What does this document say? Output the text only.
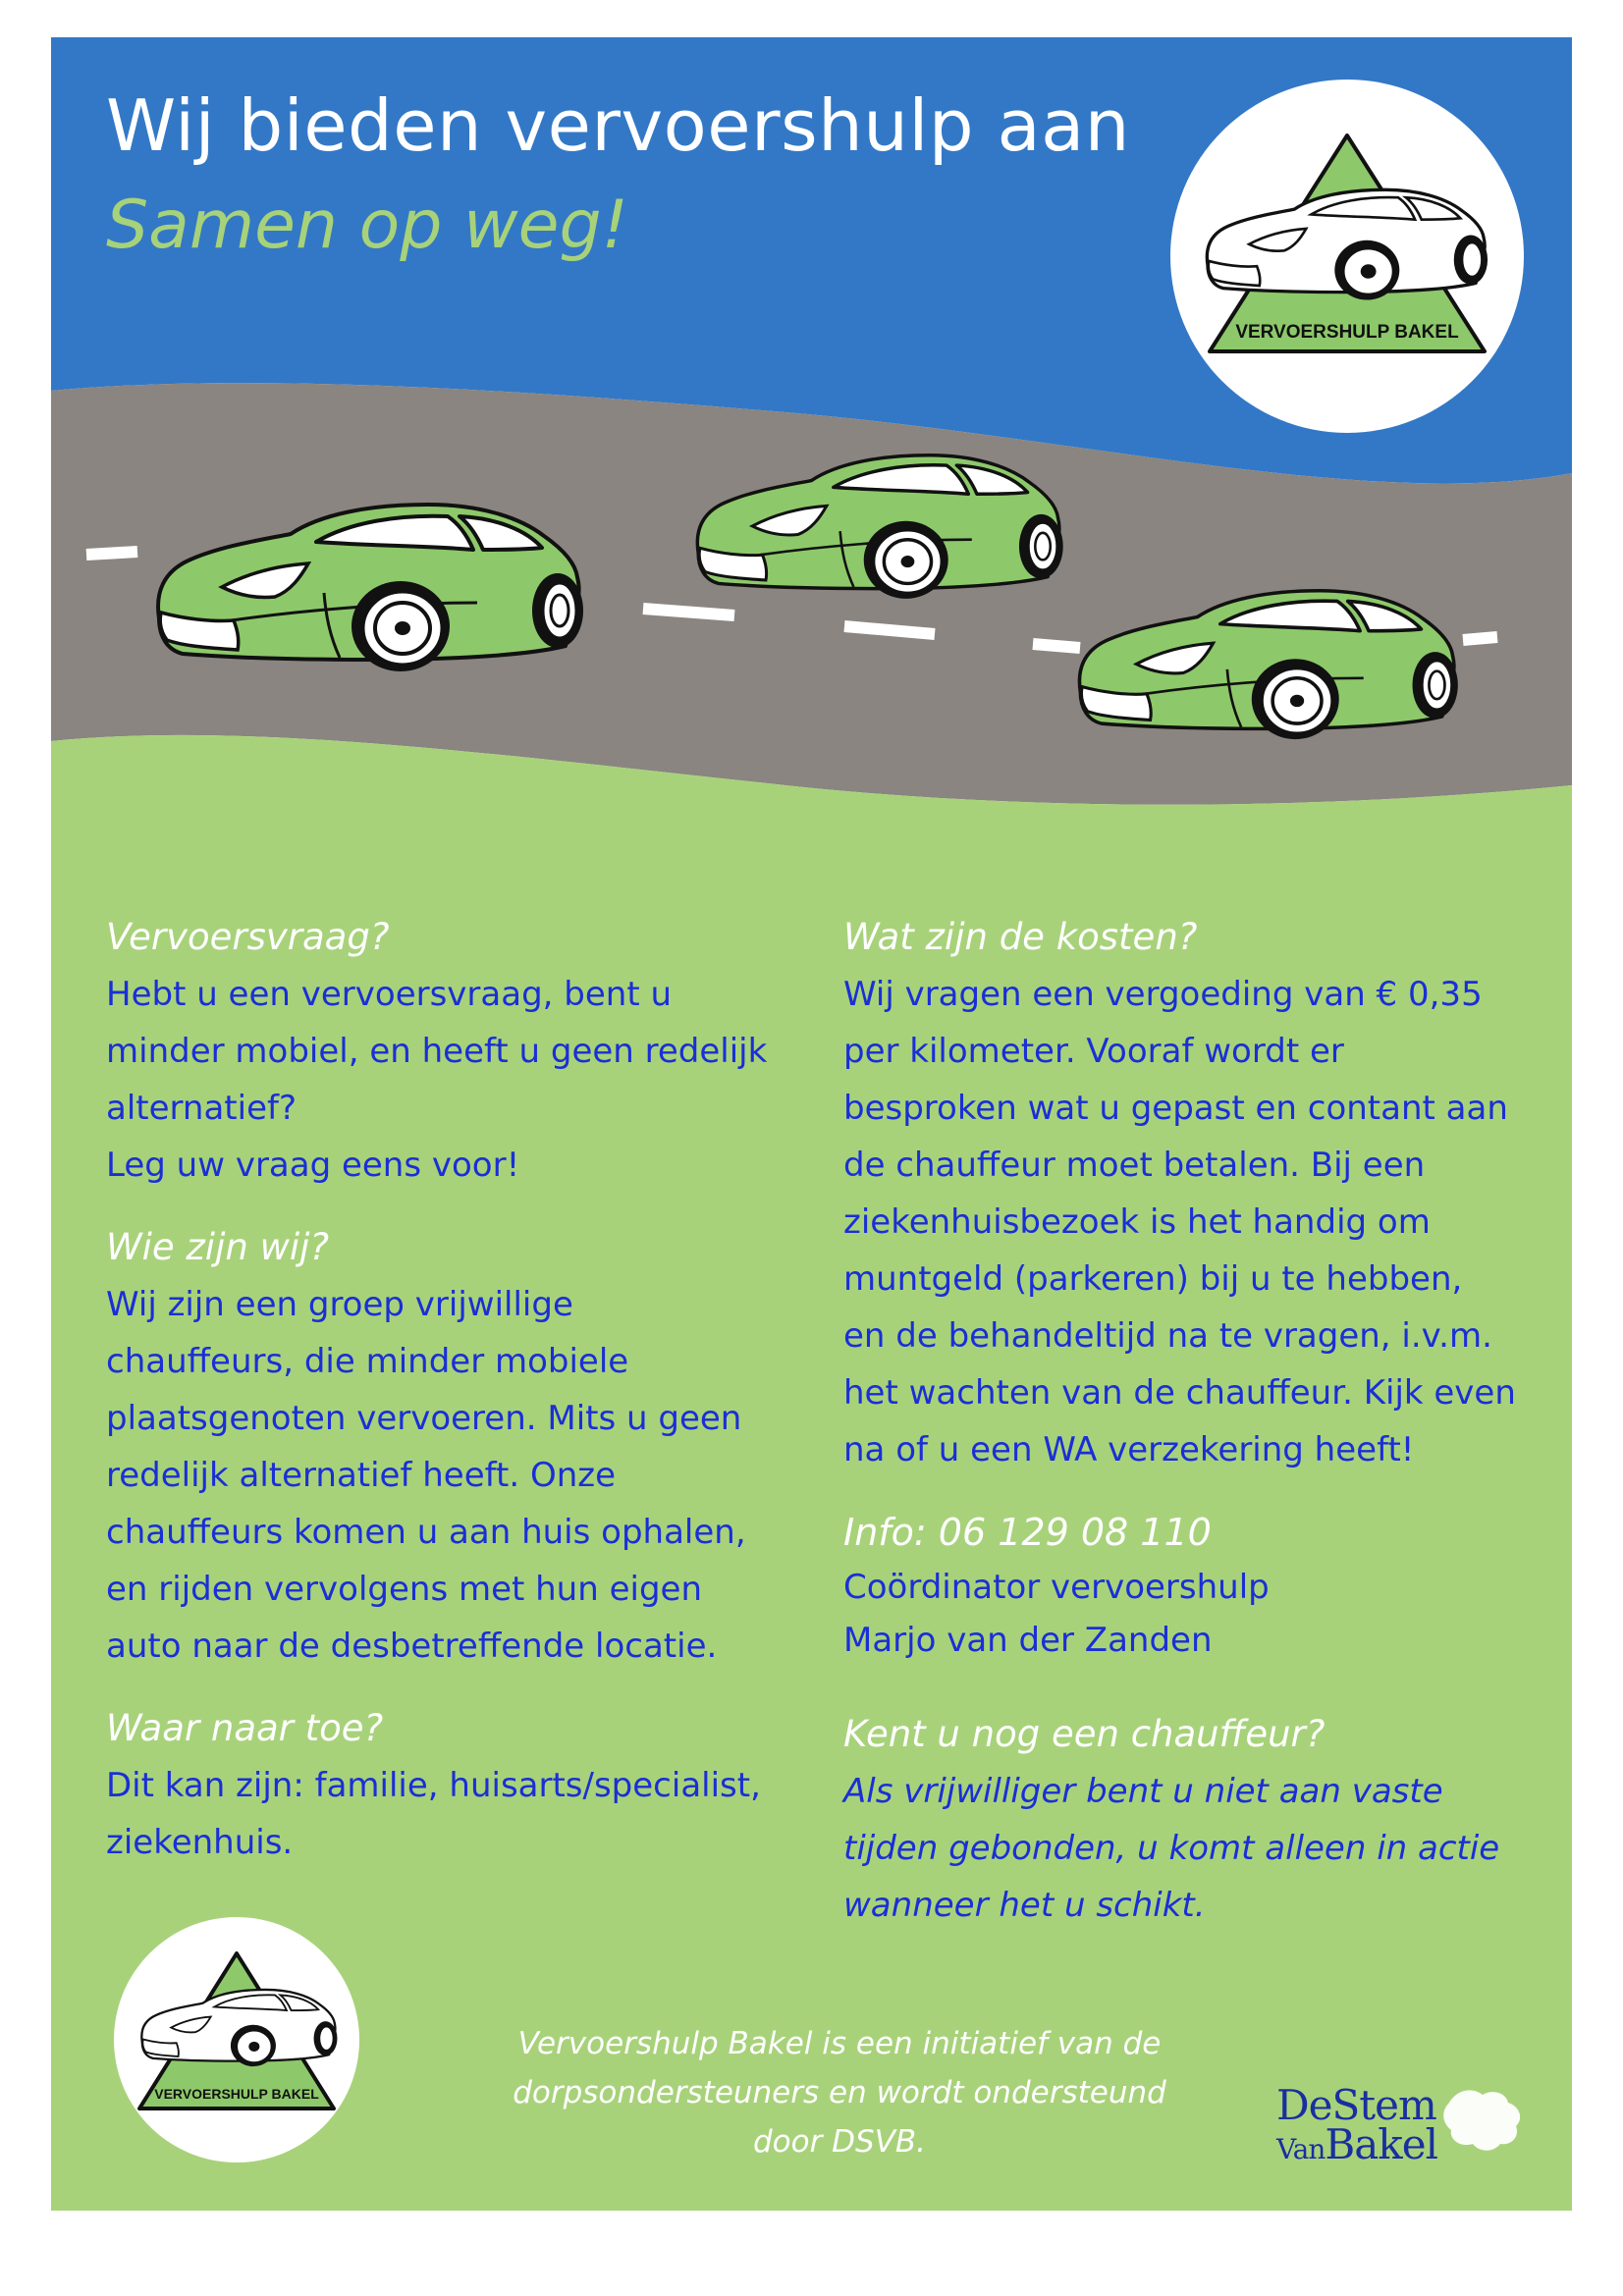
VERVOERSHULP BAKEL
VERVOERSHULP BAKEL
Wij bieden vervoershulp aan
Samen op weg!
Vervoersvraag?

Hebt u een vervoersvraag, bent u
minder mobiel, en heeft u geen redelijk
alternatief?
Leg uw vraag eens voor!

Wie zijn wij?

Wij zijn een groep vrijwillige
chauffeurs, die minder mobiele
plaatsgenoten vervoeren. Mits u geen
redelijk alternatief heeft. Onze
chauffeurs komen u aan huis ophalen,
en rijden vervolgens met hun eigen
auto naar de desbetreffende locatie.

Waar naar toe?

Dit kan zijn: familie, huisarts/specialist,
ziekenhuis.

Wat zijn de kosten?

Wij vragen een vergoeding van € 0,35
per kilometer. Vooraf wordt er
besproken wat u gepast en contant aan
de chauffeur moet betalen. Bij een
ziekenhuisbezoek is het handig om
muntgeld (parkeren) bij u te hebben,
en de behandeltijd na te vragen, i.v.m.
het wachten van de chauffeur. Kijk even
na of u een WA verzekering heeft!

Info: 06 129 08 110

Coördinator vervoershulp
Marjo van der Zanden

Kent u nog een chauffeur?

Als vrijwilliger bent u niet aan vaste
tijden gebonden, u komt alleen in actie
wanneer het u schikt.

Vervoershulp Bakel is een initiatief van de
dorpsondersteuners en wordt ondersteund
door DSVB.
DeStem
VanBakel
